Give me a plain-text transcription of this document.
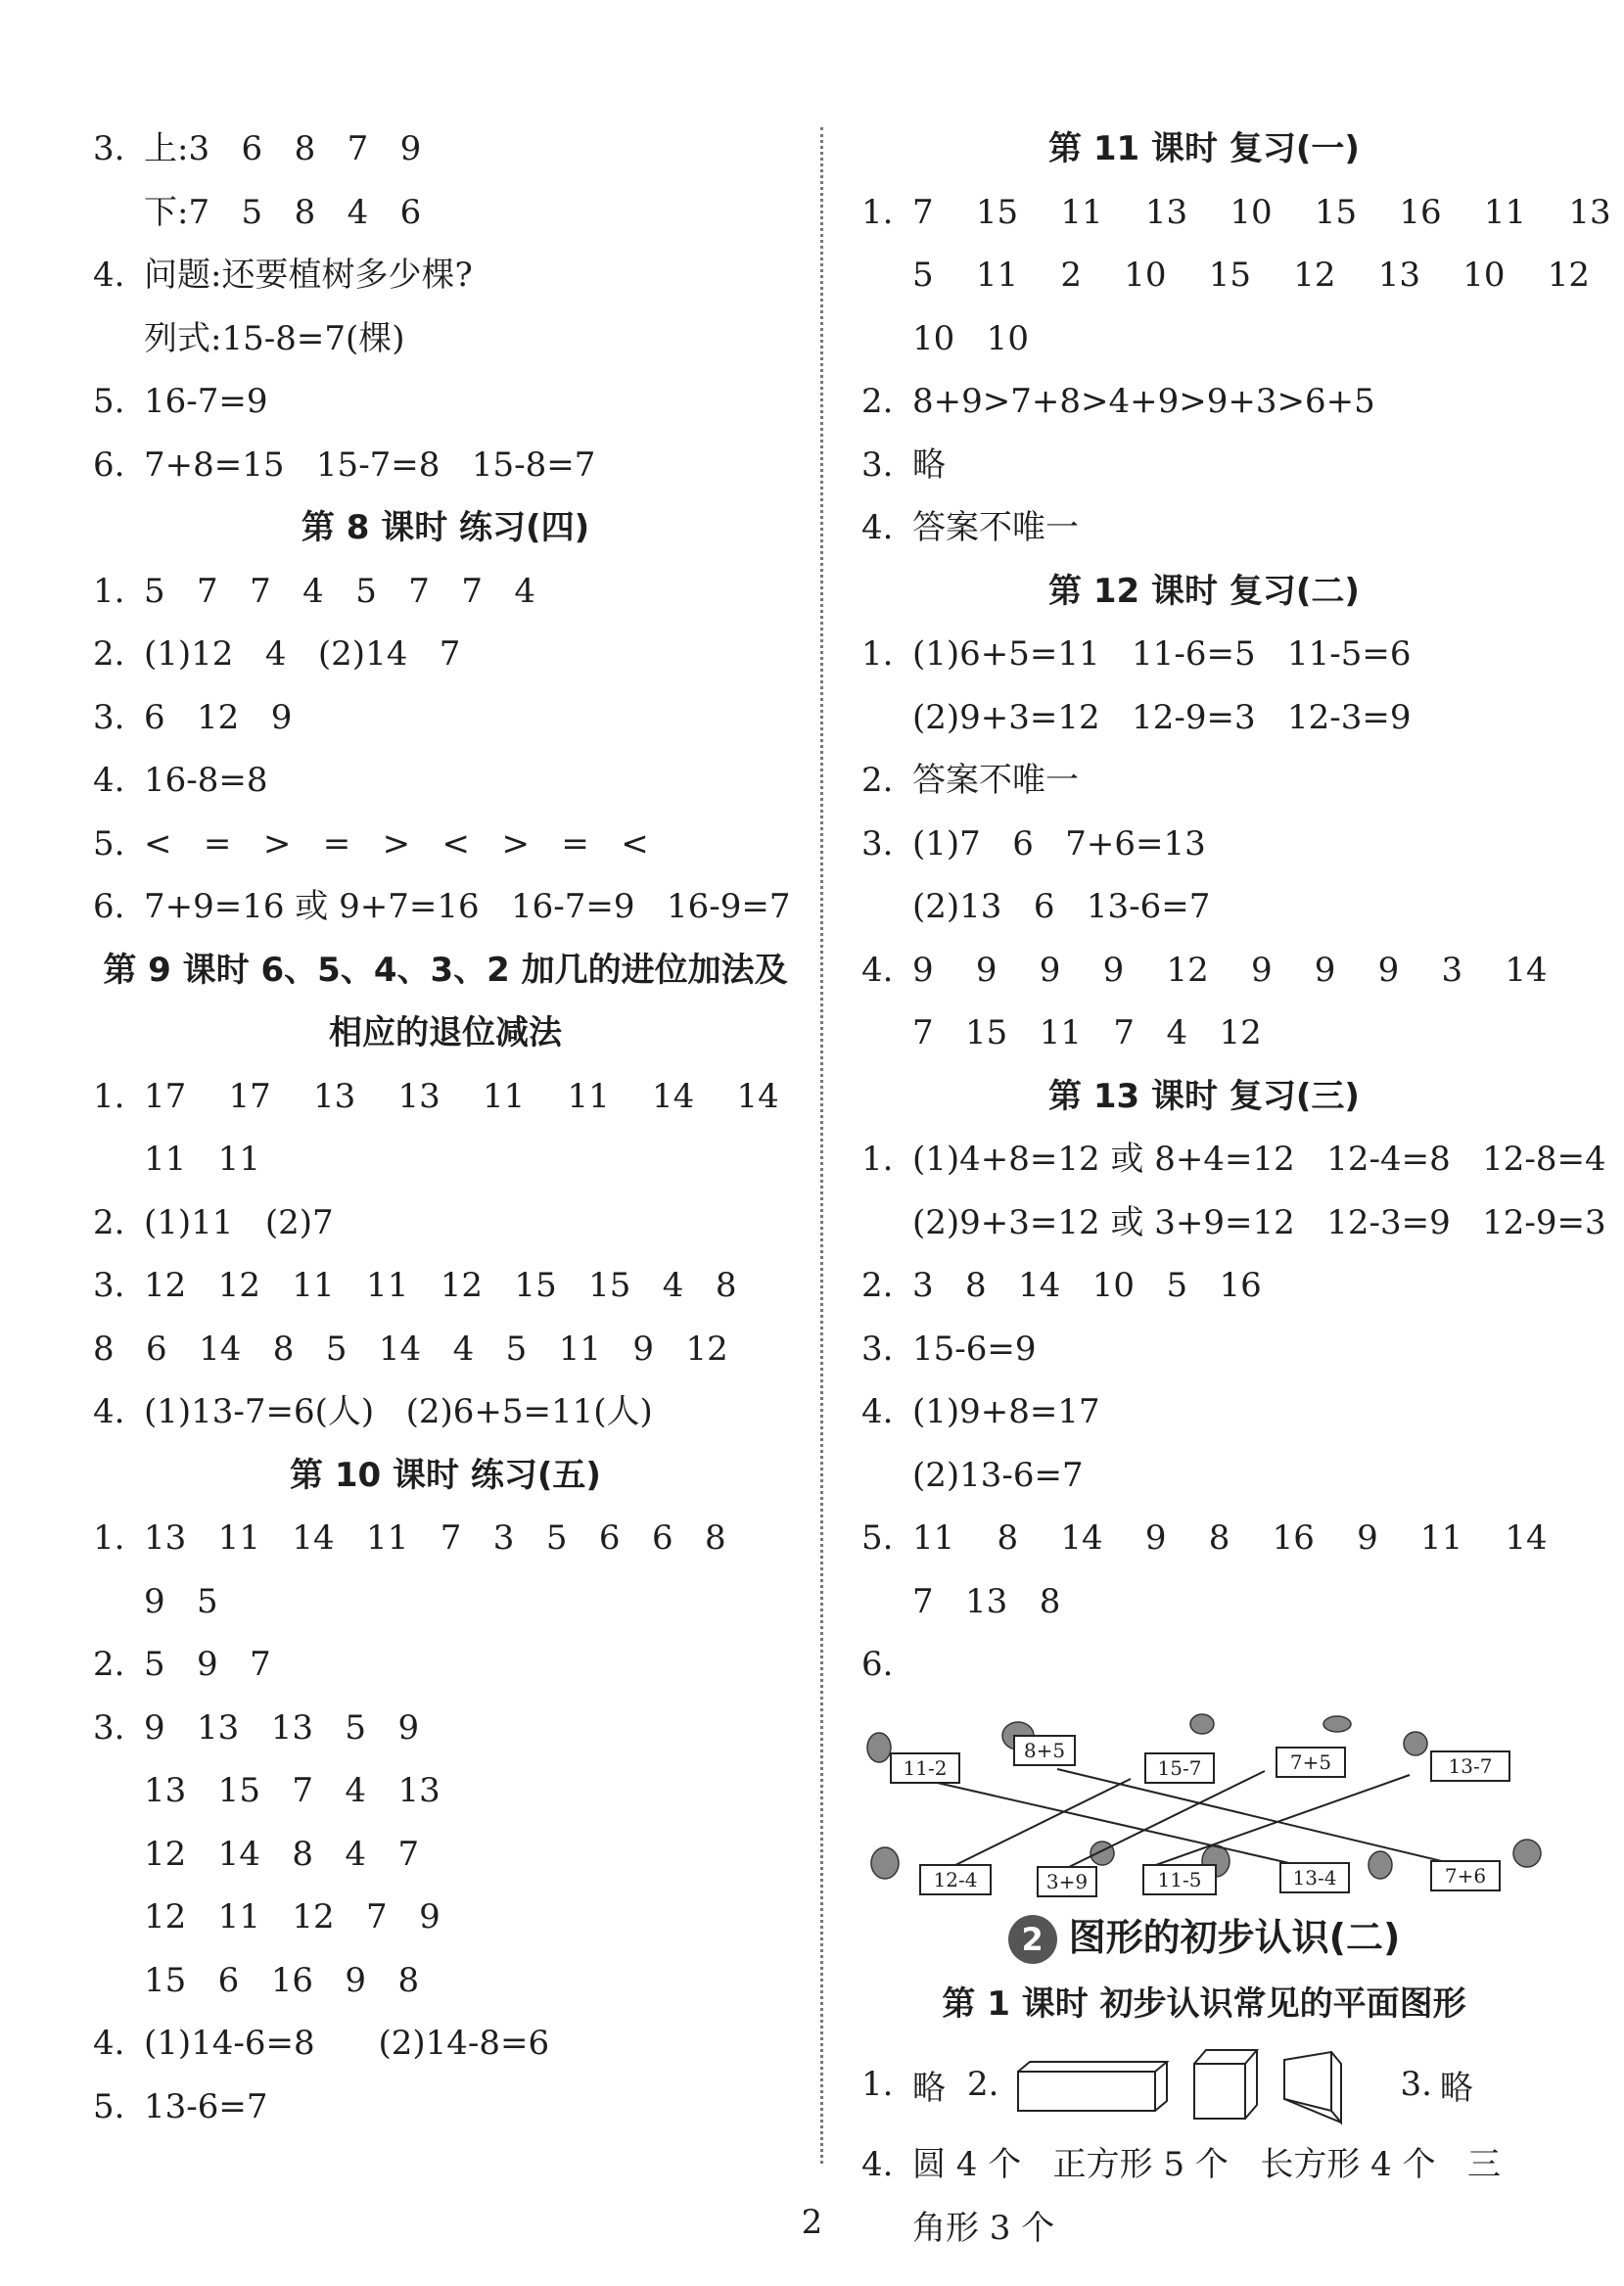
3. 上:3   6   8   7   9
下:7   5   8   4   6
4. 问题:还要植树多少棵?
列式:15-8=7(棵)
5. 16-7=9
6. 7+8=15   15-7=8   15-8=7
第 8 课时 练习(四)
1. 5   7   7   4   5   7   7   4
2. (1)12   4   (2)14   7
3. 6   12   9
4. 16-8=8
5. <   =   >   =   >   <   >   =   <
6. 7+9=16 或 9+7=16   16-7=9   16-9=7
第 9 课时 6、5、4、3、2 加几的进位加法及
相应的退位减法
1. 17    17    13    13    11    11    14    14
11   11
2. (1)11   (2)7
3. 12   12   11   11   12   15   15   4   8
8   6   14   8   5   14   4   5   11   9   12
4. (1)13-7=6(人)   (2)6+5=11(人)
第 10 课时 练习(五)
1. 13   11   14   11   7   3   5   6   6   8
9   5
2. 5   9   7
3. 9   13   13   5   9
13   15   7   4   13
12   14   8   4   7
12   11   12   7   9
15   6   16   9   8
4. (1)14-6=8      (2)14-8=6
5. 13-6=7
第 11 课时 复习(一)
1. 7    15    11    13    10    15    16    11    13
5    11    2    10    15    12    13    10    12
10   10
2. 8+9>7+8>4+9>9+3>6+5
3. 略
4. 答案不唯一
第 12 课时 复习(二)
1. (1)6+5=11   11-6=5   11-5=6
(2)9+3=12   12-9=3   12-3=9
2. 答案不唯一
3. (1)7   6   7+6=13
(2)13   6   13-6=7
4. 9    9    9    9    12    9    9    9    3    14
7   15   11   7   4   12
第 13 课时 复习(三)
1. (1)4+8=12 或 8+4=12   12-4=8   12-8=4
(2)9+3=12 或 3+9=12   12-3=9   12-9=3
2. 3   8   14   10   5   16
3. 15-6=9
4. (1)9+8=17
(2)13-6=7
5. 11    8    14    9    8    16    9    11    14
7   13   8
6.
11-2
8+5
15-7	7+5	13-7
12-4	3+9	11-5	13-4	7+6
2 图形的初步认识(二)
第 1 课时 初步认识常见的平面图形
1. 略 2.	3. 略
4. 圆 4 个   正方形 5 个   长方形 4 个   三
角形 3 个
2
